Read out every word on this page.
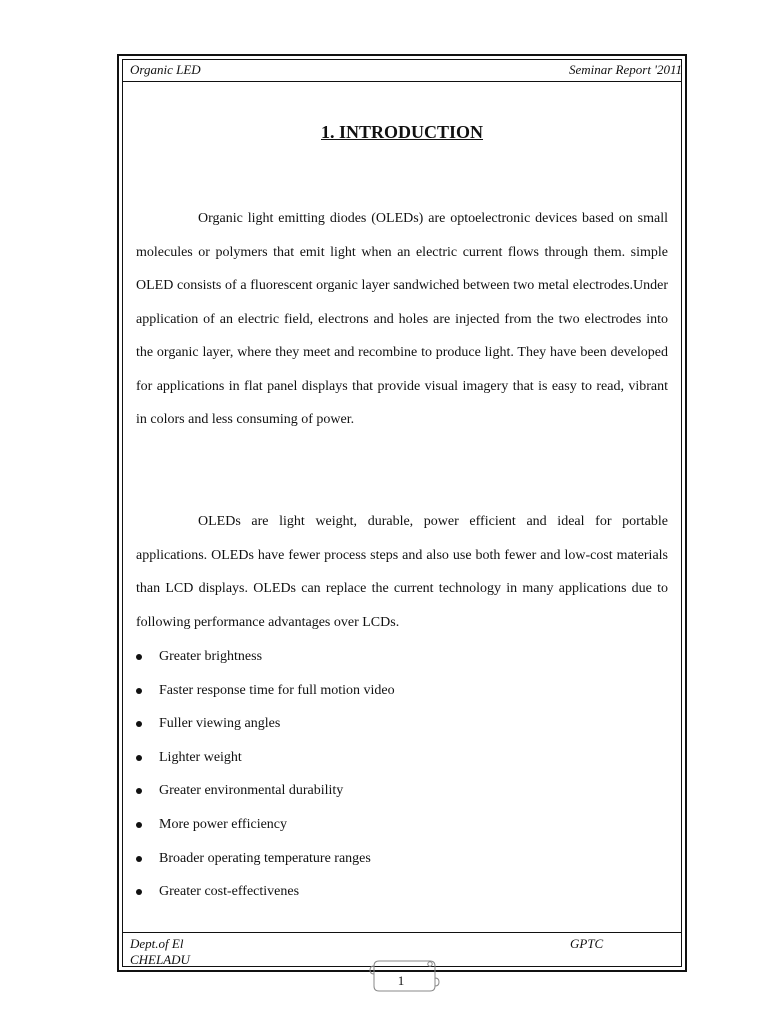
Organic LED	Seminar Report '2011
1. INTRODUCTION

Organic light emitting diodes (OLEDs) are optoelectronic devices based on small molecules or polymers that emit light when an electric current flows through them. simple OLED consists of a fluorescent organic layer sandwiched between two metal electrodes.Under application of an electric field, electrons and holes are injected from the two electrodes into the organic layer, where they meet and recombine to produce light. They have been developed for applications in flat panel displays that provide visual imagery that is easy to read, vibrant in colors and less consuming of power.

OLEDs are light weight, durable, power efficient and ideal for portable applications. OLEDs have fewer process steps and also use both fewer and low-cost materials than LCD displays. OLEDs can replace the current technology in many applications due to following performance advantages over LCDs.

Greater brightness
Faster response time for full motion video
Fuller viewing angles
Lighter weight
Greater environmental durability
More power efficiency
Broader operating temperature ranges
Greater cost-effectivenes
Dept.of El
CHELADU
GPTC
1
